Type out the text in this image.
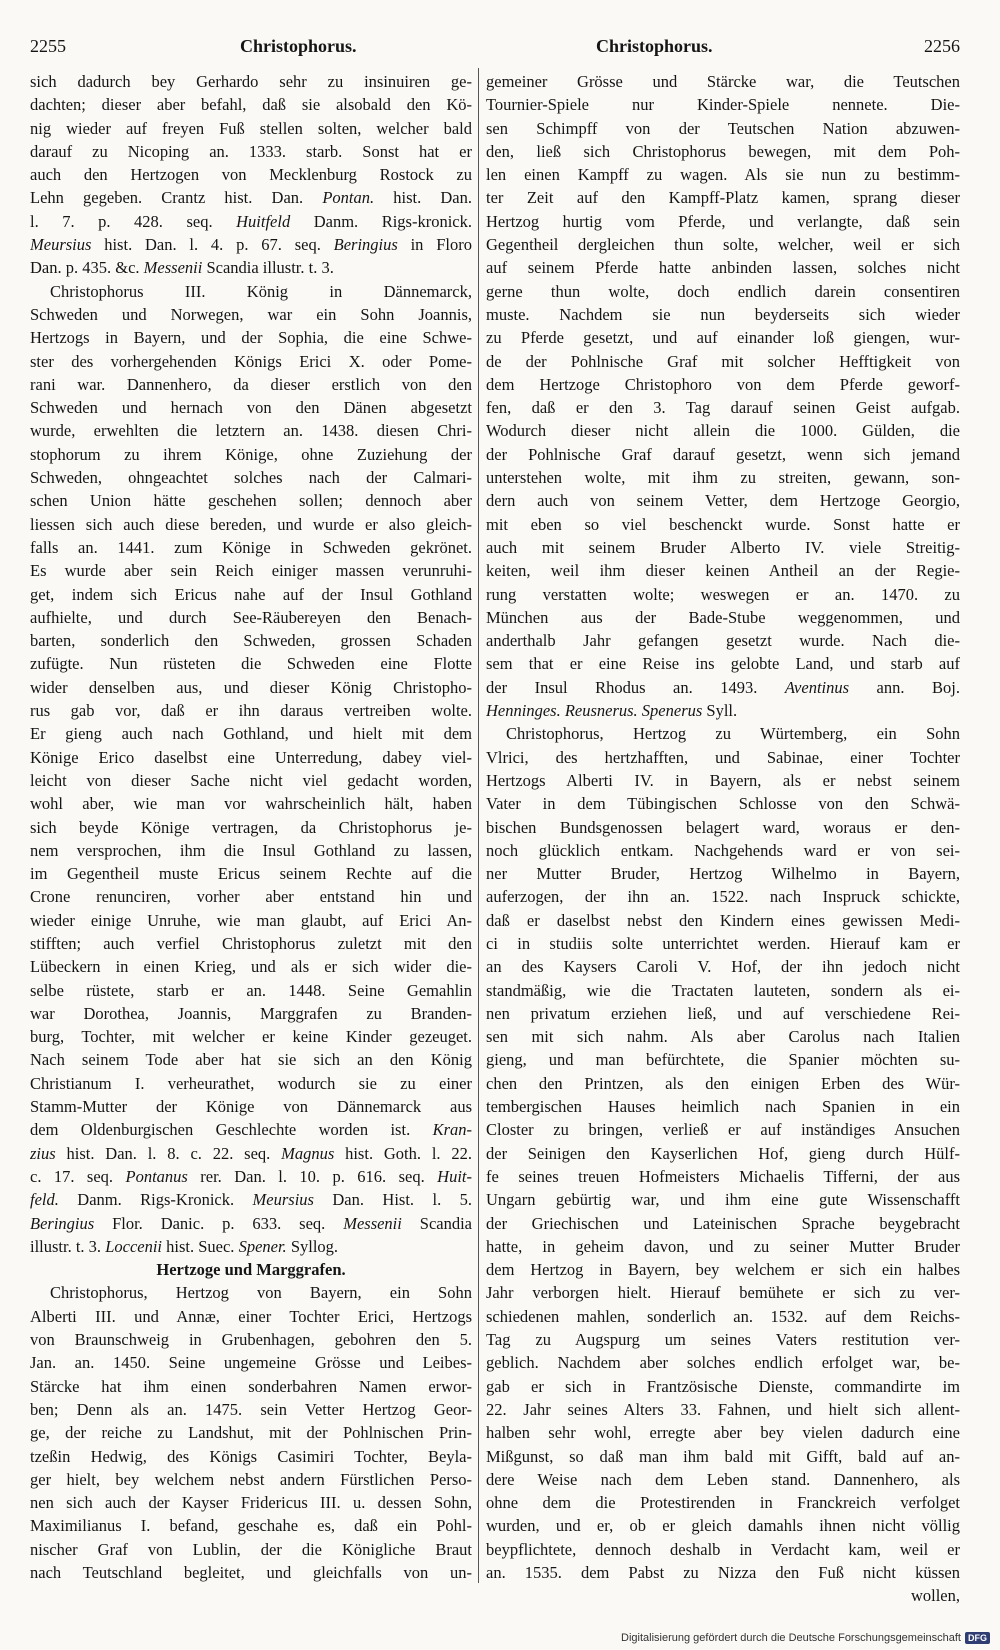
2255	Christophorus.	Christophorus.	2256
sich dadurch bey Gerhardo sehr zu insinuiren ge-
dachten; dieser aber befahl, daß sie alsobald den Kö-
nig wieder auf freyen Fuß stellen solten, welcher bald
darauf zu Nicoping an. 1333. starb. Sonst hat er
auch den Hertzogen von Mecklenburg Rostock zu
Lehn gegeben. Crantz hist. Dan. Pontan. hist. Dan.
l. 7. p. 428. seq. Huitfeld Danm. Rigs-kronick.
Meursius hist. Dan. l. 4. p. 67. seq. Beringius in Floro
Dan. p. 435. &c. Messenii Scandia illustr. t. 3.
Christophorus III. König in Dännemarck,
Schweden und Norwegen, war ein Sohn Joannis,
Hertzogs in Bayern, und der Sophia, die eine Schwe-
ster des vorhergehenden Königs Erici X. oder Pome-
rani war. Dannenhero, da dieser erstlich von den
Schweden und hernach von den Dänen abgesetzt
wurde, erwehlten die letztern an. 1438. diesen Chri-
stophorum zu ihrem Könige, ohne Zuziehung der
Schweden, ohngeachtet solches nach der Calmari-
schen Union hätte geschehen sollen; dennoch aber
liessen sich auch diese bereden, und wurde er also gleich-
falls an. 1441. zum Könige in Schweden gekrönet.
Es wurde aber sein Reich einiger massen verunruhi-
get, indem sich Ericus nahe auf der Insul Gothland
aufhielte, und durch See-Räubereyen den Benach-
barten, sonderlich den Schweden, grossen Schaden
zufügte. Nun rüsteten die Schweden eine Flotte
wider denselben aus, und dieser König Christopho-
rus gab vor, daß er ihn daraus vertreiben wolte.
Er gieng auch nach Gothland, und hielt mit dem
Könige Erico daselbst eine Unterredung, dabey viel-
leicht von dieser Sache nicht viel gedacht worden,
wohl aber, wie man vor wahrscheinlich hält, haben
sich beyde Könige vertragen, da Christophorus je-
nem versprochen, ihm die Insul Gothland zu lassen,
im Gegentheil muste Ericus seinem Rechte auf die
Crone renunciren, vorher aber entstand hin und
wieder einige Unruhe, wie man glaubt, auf Erici An-
stifften; auch verfiel Christophorus zuletzt mit den
Lübeckern in einen Krieg, und als er sich wider die-
selbe rüstete, starb er an. 1448. Seine Gemahlin
war Dorothea, Joannis, Marggrafen zu Branden-
burg, Tochter, mit welcher er keine Kinder gezeuget.
Nach seinem Tode aber hat sie sich an den König
Christianum I. verheurathet, wodurch sie zu einer
Stamm-Mutter der Könige von Dännemarck aus
dem Oldenburgischen Geschlechte worden ist. Kran-
zius hist. Dan. l. 8. c. 22. seq. Magnus hist. Goth. l. 22.
c. 17. seq. Pontanus rer. Dan. l. 10. p. 616. seq. Huit-
feld. Danm. Rigs-Kronick. Meursius Dan. Hist. l. 5.
Beringius Flor. Danic. p. 633. seq. Messenii Scandia
illustr. t. 3. Loccenii hist. Suec. Spener. Syllog.
Hertzoge und Marggrafen.
Christophorus, Hertzog von Bayern, ein Sohn
Alberti III. und Annæ, einer Tochter Erici, Hertzogs
von Braunschweig in Grubenhagen, gebohren den 5.
Jan. an. 1450. Seine ungemeine Grösse und Leibes-
Stärcke hat ihm einen sonderbahren Namen erwor-
ben; Denn als an. 1475. sein Vetter Hertzog Geor-
ge, der reiche zu Landshut, mit der Pohlnischen Prin-
tzeßin Hedwig, des Königs Casimiri Tochter, Beyla-
ger hielt, bey welchem nebst andern Fürstlichen Perso-
nen sich auch der Kayser Fridericus III. u. dessen Sohn,
Maximilianus I. befand, geschahe es, daß ein Pohl-
nischer Graf von Lublin, der die Königliche Braut
nach Teutschland begleitet, und gleichfalls von un-
gemeiner Grösse und Stärcke war, die Teutschen
Tournier-Spiele nur Kinder-Spiele nennete. Die-
sen Schimpff von der Teutschen Nation abzuwen-
den, ließ sich Christophorus bewegen, mit dem Poh-
len einen Kampff zu wagen. Als sie nun zu bestimm-
ter Zeit auf den Kampff-Platz kamen, sprang dieser
Hertzog hurtig vom Pferde, und verlangte, daß sein
Gegentheil dergleichen thun solte, welcher, weil er sich
auf seinem Pferde hatte anbinden lassen, solches nicht
gerne thun wolte, doch endlich darein consentiren
muste. Nachdem sie nun beyderseits sich wieder
zu Pferde gesetzt, und auf einander loß giengen, wur-
de der Pohlnische Graf mit solcher Hefftigkeit von
dem Hertzoge Christophoro von dem Pferde geworf-
fen, daß er den 3. Tag darauf seinen Geist aufgab.
Wodurch dieser nicht allein die 1000. Gülden, die
der Pohlnische Graf darauf gesetzt, wenn sich jemand
unterstehen wolte, mit ihm zu streiten, gewann, son-
dern auch von seinem Vetter, dem Hertzoge Georgio,
mit eben so viel beschenckt wurde. Sonst hatte er
auch mit seinem Bruder Alberto IV. viele Streitig-
keiten, weil ihm dieser keinen Antheil an der Regie-
rung verstatten wolte; weswegen er an. 1470. zu
München aus der Bade-Stube weggenommen, und
anderthalb Jahr gefangen gesetzt wurde. Nach die-
sem that er eine Reise ins gelobte Land, und starb auf
der Insul Rhodus an. 1493. Aventinus ann. Boj.
Henninges. Reusnerus. Spenerus Syll.
Christophorus, Hertzog zu Würtemberg, ein Sohn
Vlrici, des hertzhafften, und Sabinae, einer Tochter
Hertzogs Alberti IV. in Bayern, als er nebst seinem
Vater in dem Tübingischen Schlosse von den Schwä-
bischen Bundsgenossen belagert ward, woraus er den-
noch glücklich entkam. Nachgehends ward er von sei-
ner Mutter Bruder, Hertzog Wilhelmo in Bayern,
auferzogen, der ihn an. 1522. nach Inspruck schickte,
daß er daselbst nebst den Kindern eines gewissen Medi-
ci in studiis solte unterrichtet werden. Hierauf kam er
an des Kaysers Caroli V. Hof, der ihn jedoch nicht
standmäßig, wie die Tractaten lauteten, sondern als ei-
nen privatum erziehen ließ, und auf verschiedene Rei-
sen mit sich nahm. Als aber Carolus nach Italien
gieng, und man befürchtete, die Spanier möchten su-
chen den Printzen, als den einigen Erben des Wür-
tembergischen Hauses heimlich nach Spanien in ein
Closter zu bringen, verließ er auf inständiges Ansuchen
der Seinigen den Kayserlichen Hof, gieng durch Hülf-
fe seines treuen Hofmeisters Michaelis Tifferni, der aus
Ungarn gebürtig war, und ihm eine gute Wissenschafft
der Griechischen und Lateinischen Sprache beygebracht
hatte, in geheim davon, und zu seiner Mutter Bruder
dem Hertzog in Bayern, bey welchem er sich ein halbes
Jahr verborgen hielt. Hierauf bemühete er sich zu ver-
schiedenen mahlen, sonderlich an. 1532. auf dem Reichs-
Tag zu Augspurg um seines Vaters restitution ver-
geblich. Nachdem aber solches endlich erfolget war, be-
gab er sich in Frantzösische Dienste, commandirte im
22. Jahr seines Alters 33. Fahnen, und hielt sich allent-
halben sehr wohl, erregte aber bey vielen dadurch eine
Mißgunst, so daß man ihm bald mit Gifft, bald auf an-
dere Weise nach dem Leben stand. Dannenhero, als
ohne dem die Protestirenden in Franckreich verfolget
wurden, und er, ob er gleich damahls ihnen nicht völlig
beypflichtete, dennoch deshalb in Verdacht kam, weil er
an. 1535. dem Pabst zu Nizza den Fuß nicht küssen
wollen,
Digitalisierung gefördert durch die Deutsche Forschungsgemeinschaft DFG
